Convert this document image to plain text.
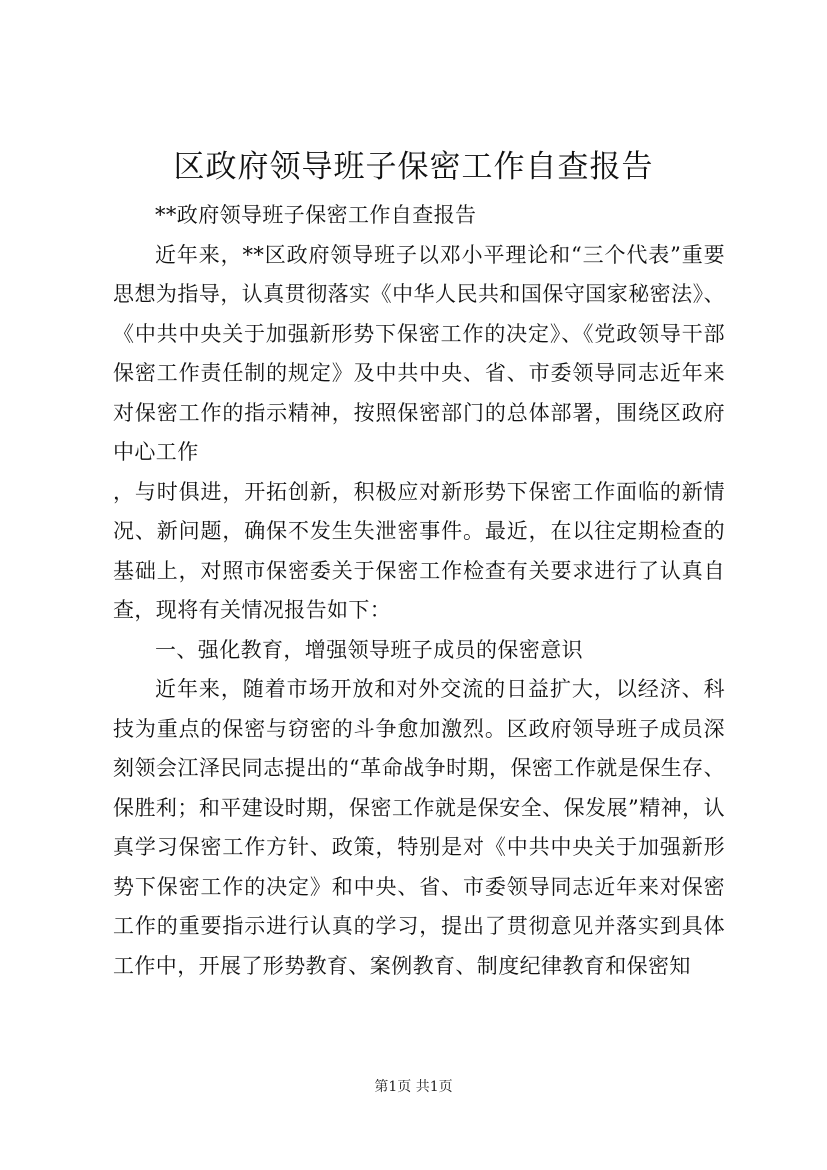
区政府领导班子保密工作自查报告

**政府领导班子保密工作自查报告

近年来，**区政府领导班子以邓小平理论和“三个代表”重要思想为指导，认真贯彻落实《中华人民共和国保守国家秘密法》、《中共中央关于加强新形势下保密工作的决定》、《党政领导干部保密工作责任制的规定》及中共中央、省、市委领导同志近年来对保密工作的指示精神，按照保密部门的总体部署，围绕区政府中心工作

，与时俱进，开拓创新，积极应对新形势下保密工作面临的新情况、新问题，确保不发生失泄密事件。最近，在以往定期检查的基础上，对照市保密委关于保密工作检查有关要求进行了认真自查，现将有关情况报告如下：

一、强化教育，增强领导班子成员的保密意识

近年来，随着市场开放和对外交流的日益扩大，以经济、科技为重点的保密与窃密的斗争愈加激烈。区政府领导班子成员深刻领会江泽民同志提出的“革命战争时期，保密工作就是保生存、保胜利；和平建设时期，保密工作就是保安全、保发展”精神，认真学习保密工作方针、政策，特别是对《中共中央关于加强新形势下保密工作的决定》和中央、省、市委领导同志近年来对保密工作的重要指示进行认真的学习，提出了贯彻意见并落实到具体工作中，开展了形势教育、案例教育、制度纪律教育和保密知

第1页 共1页
